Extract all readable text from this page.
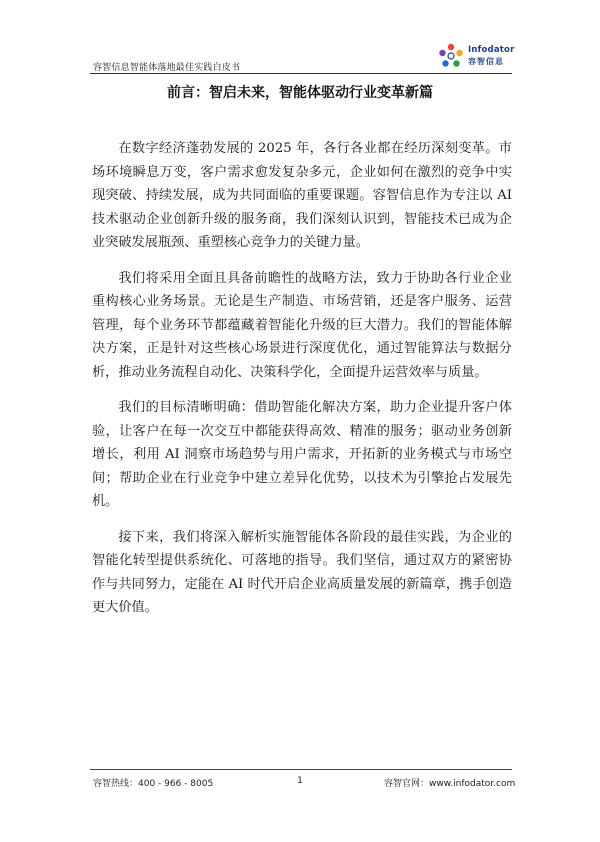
容智信息智能体落地最佳实践白皮书
Infodator
容智信息
前言：智启未来，智能体驱动行业变革新篇

在数字经济蓬勃发展的 2025 年，各行各业都在经历深刻变革。市场环境瞬息万变，客户需求愈发复杂多元，企业如何在激烈的竞争中实现突破、持续发展，成为共同面临的重要课题。容智信息作为专注以 AI 技术驱动企业创新升级的服务商，我们深刻认识到，智能技术已成为企业突破发展瓶颈、重塑核心竞争力的关键力量。

我们将采用全面且具备前瞻性的战略方法，致力于协助各行业企业重构核心业务场景。无论是生产制造、市场营销，还是客户服务、运营管理，每个业务环节都蕴藏着智能化升级的巨大潜力。我们的智能体解决方案，正是针对这些核心场景进行深度优化，通过智能算法与数据分析，推动业务流程自动化、决策科学化，全面提升运营效率与质量。

我们的目标清晰明确：借助智能化解决方案，助力企业提升客户体验，让客户在每一次交互中都能获得高效、精准的服务；驱动业务创新增长，利用 AI 洞察市场趋势与用户需求，开拓新的业务模式与市场空间；帮助企业在行业竞争中建立差异化优势，以技术为引擎抢占发展先机。

接下来，我们将深入解析实施智能体各阶段的最佳实践，为企业的智能化转型提供系统化、可落地的指导。我们坚信，通过双方的紧密协作与共同努力，定能在 AI 时代开启企业高质量发展的新篇章，携手创造更大价值。

容智热线：400 - 966 - 8005	1	容智官网：www.infodator.com
